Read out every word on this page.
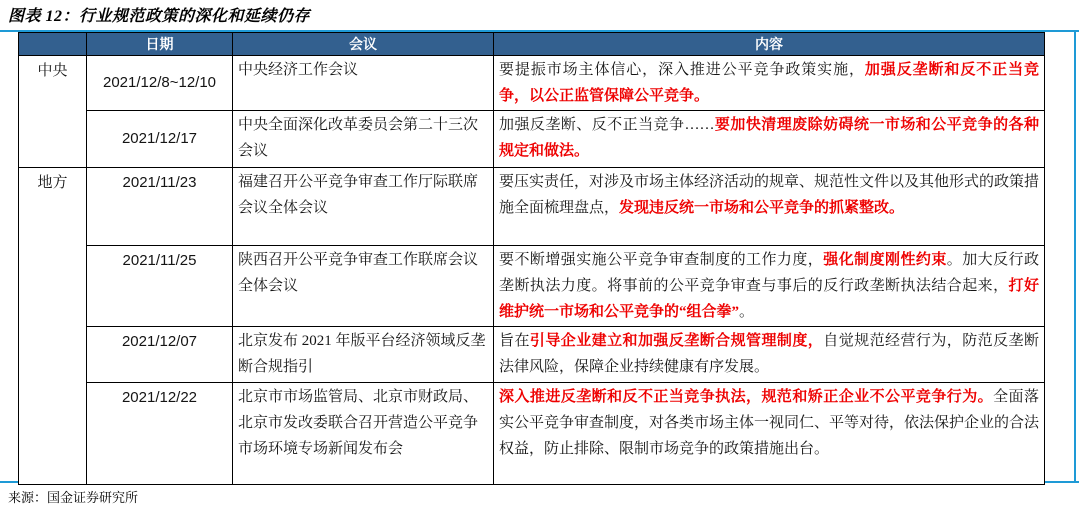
图表 12：行业规范政策的深化和延续仍存
	日期	会议	内容
中央	2021/12/8~12/10	中央经济工作会议	要提振市场主体信心，深入推进公平竞争政策实施，加强反垄断和反不正当竞争，以公正监管保障公平竞争。
	2021/12/17	中央全面深化改革委员会第二十三次会议	加强反垄断、反不正当竞争……要加快清理废除妨碍统一市场和公平竞争的各种规定和做法。
地方	2021/11/23	福建召开公平竞争审查工作厅际联席会议全体会议	要压实责任，对涉及市场主体经济活动的规章、规范性文件以及其他形式的政策措施全面梳理盘点，发现违反统一市场和公平竞争的抓紧整改。
	2021/11/25	陕西召开公平竞争审查工作联席会议全体会议	要不断增强实施公平竞争审查制度的工作力度，强化制度刚性约束。加大反行政垄断执法力度。将事前的公平竞争审查与事后的反行政垄断执法结合起来，打好维护统一市场和公平竞争的“组合拳”。
	2021/12/07	北京发布 2021 年版平台经济领域反垄断合规指引	旨在引导企业建立和加强反垄断合规管理制度，自觉规范经营行为，防范反垄断法律风险，保障企业持续健康有序发展。
	2021/12/22	北京市市场监管局、北京市财政局、北京市发改委联合召开营造公平竞争市场环境专场新闻发布会	深入推进反垄断和反不正当竞争执法，规范和矫正企业不公平竞争行为。全面落实公平竞争审查制度，对各类市场主体一视同仁、平等对待，依法保护企业的合法权益，防止排除、限制市场竞争的政策措施出台。
来源：国金证券研究所
